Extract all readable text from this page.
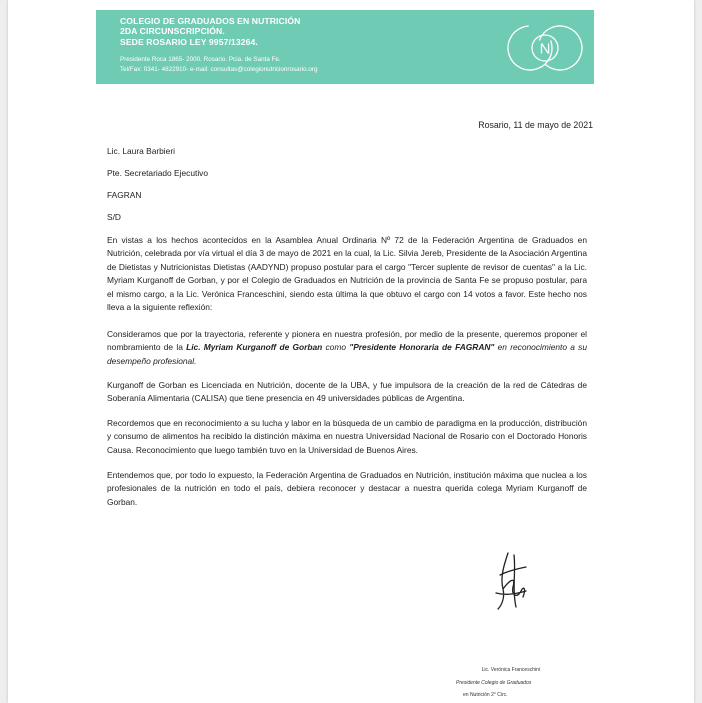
COLEGIO DE GRADUADOS EN NUTRICIÓN
2DA CIRCUNSCRIPCIÓN.
SEDE ROSARIO LEY 9957/13264.
Presidente Roca 1865- 2000. Rosario. Pcia. de Santa Fe.
Tel/Fax: 0341- 4822910- e-mail: consultas@colegionutricionrosario.org
N
Rosario, 11 de mayo de 2021
Lic. Laura Barbieri
Pte. Secretariado Ejecutivo
FAGRAN
S/D
En vistas a los hechos acontecidos en la Asamblea Anual Ordinaria Nº 72 de la Federación Argentina de Graduados en Nutrición, celebrada por vía virtual el día 3 de mayo de 2021 en la cual, la Lic. Silvia Jereb, Presidente de la Asociación Argentina de Dietistas y Nutricionistas Dietistas (AADYND) propuso postular para el cargo "Tercer suplente de revisor de cuentas" a la Lic. Myriam Kurganoff de Gorban, y por el Colegio de Graduados en Nutrición de la provincia de Santa Fe se propuso postular, para el mismo cargo, a la Lic. Verónica Franceschini, siendo esta última la que obtuvo el cargo con 14 votos a favor. Este hecho nos lleva a la siguiente reflexión:
Consideramos que por la trayectoria, referente y pionera en nuestra profesión, por medio de la presente, queremos proponer el nombramiento de la Lic. Myriam Kurganoff de Gorban como "Presidente Honoraria de FAGRAN" en reconocimiento a su desempeño profesional.
Kurganoff de Gorban es Licenciada en Nutrición, docente de la UBA, y fue impulsora de la creación de la red de Cátedras de Soberanía Alimentaria (CALISA) que tiene presencia en 49 universidades públicas de Argentina.
Recordemos que en reconocimiento a su lucha y labor en la búsqueda de un cambio de paradigma en la producción, distribución y consumo de alimentos ha recibido la distinción máxima en nuestra Universidad Nacional de Rosario con el Doctorado Honoris Causa. Reconocimiento que luego también tuvo en la Universidad de Buenos Aires.
Entendemos que, por todo lo expuesto, la Federación Argentina de Graduados en Nutrición, institución máxima que nuclea a los profesionales de la nutrición en todo el país, debiera reconocer y destacar a nuestra querida colega Myriam Kurganoff de Gorban.
Lic. Verónica Franceschini
Presidente Colegio de Graduados
en Nutrición 2° Circ.
